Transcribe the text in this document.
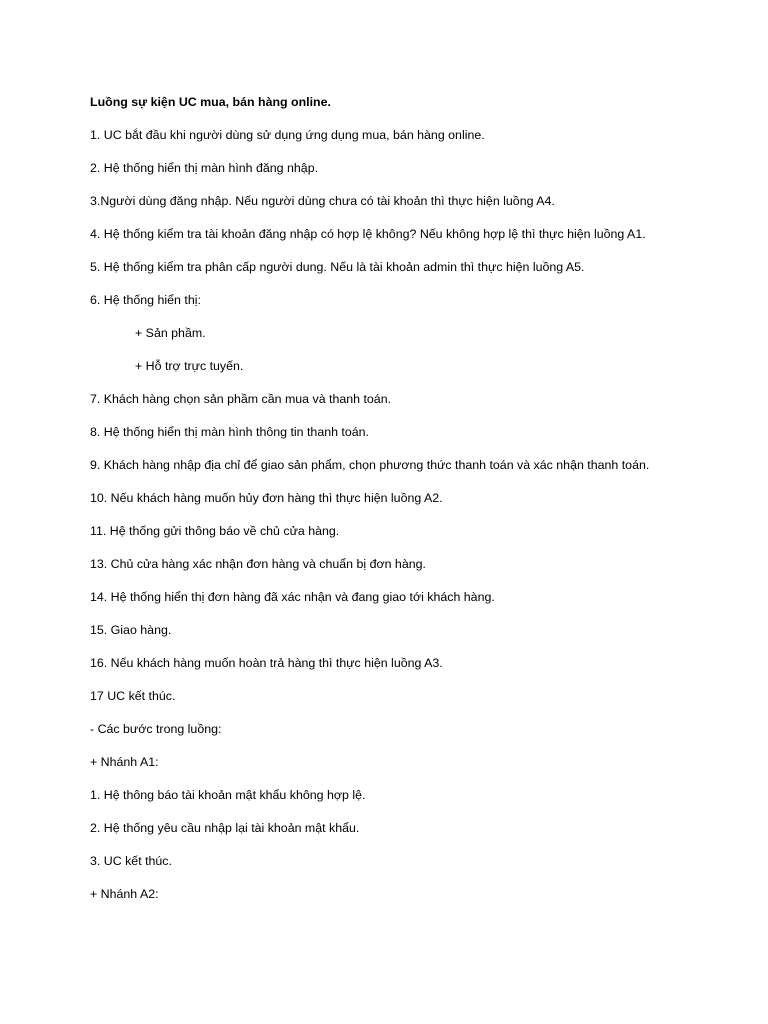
Luồng sự kiện UC mua, bán hàng online.
1. UC bắt đầu khi người dùng sử dụng ứng dụng mua, bán hàng online.
2. Hệ thống hiển thị màn hình đăng nhập.
3.Người dùng đăng nhập. Nếu người dùng chưa có tài khoản thì thực hiện luồng A4.
4. Hệ thống kiểm tra tài khoản đăng nhập có hợp lệ không? Nếu không hợp lệ thì thực hiện luồng A1.
5. Hệ thống kiểm tra phân cấp người dung. Nếu là tài khoản admin thì thực hiện luồng A5.
6. Hệ thống hiển thị:
+ Sản phầm.
+ Hỗ trợ trực tuyến.
7. Khách hàng chọn sản phầm cần mua và thanh toán.
8. Hệ thống hiển thị màn hình thông tin thanh toán.
9. Khách hàng nhập địa chỉ để giao sản phẩm, chọn phương thức thanh toán và xác nhận thanh toán.
10. Nếu khách hàng muốn hủy đơn hàng thì thực hiện luồng A2.
11. Hệ thống gửi thông báo về chủ cửa hàng.
13. Chủ cửa hàng xác nhận đơn hàng và chuẩn bị đơn hàng.
14. Hệ thống hiển thị đơn hàng đã xác nhận và đang giao tới khách hàng.
15. Giao hàng.
16. Nếu khách hàng muốn hoàn trả hàng thì thực hiện luồng A3.
17 UC kết thúc.
- Các bước trong luồng:
+ Nhánh A1:
1. Hệ thông báo tài khoản mật khẩu không hợp lệ.
2. Hệ thống yêu cầu nhập lại tài khoản mật khẩu.
3. UC kết thúc.
+ Nhánh A2:
